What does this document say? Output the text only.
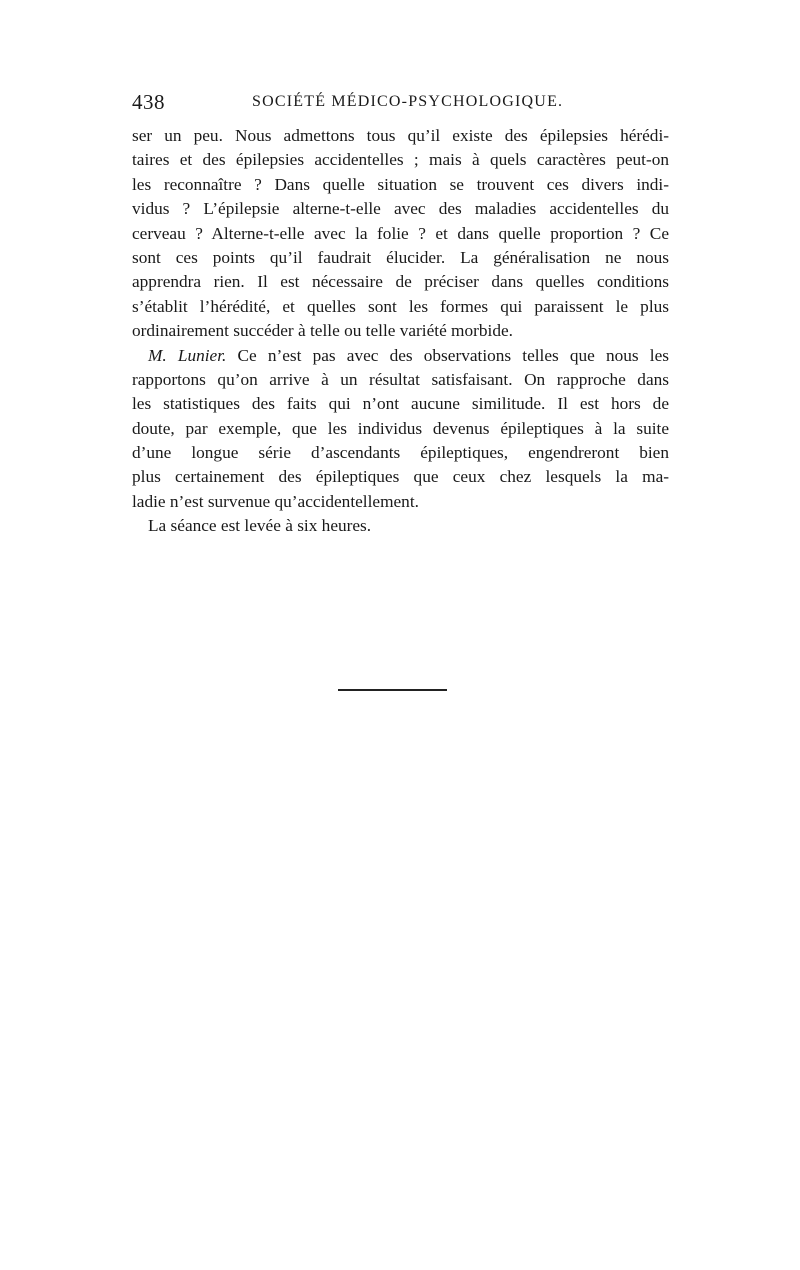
438	SOCIÉTÉ MÉDICO-PSYCHOLOGIQUE.
ser un peu. Nous admettons tous qu’il existe des épilepsies hérédi-
taires et des épilepsies accidentelles ; mais à quels caractères peut-on
les reconnaître ? Dans quelle situation se trouvent ces divers indi-
vidus ? L’épilepsie alterne-t-elle avec des maladies accidentelles du
cerveau ? Alterne-t-elle avec la folie ? et dans quelle proportion ? Ce
sont ces points qu’il faudrait élucider. La généralisation ne nous
apprendra rien. Il est nécessaire de préciser dans quelles conditions
s’établit l’hérédité, et quelles sont les formes qui paraissent le plus
ordinairement succéder à telle ou telle variété morbide.
M. Lunier. Ce n’est pas avec des observations telles que nous les
rapportons qu’on arrive à un résultat satisfaisant. On rapproche dans
les statistiques des faits qui n’ont aucune similitude. Il est hors de
doute, par exemple, que les individus devenus épileptiques à la suite
d’une longue série d’ascendants épileptiques, engendreront bien
plus certainement des épileptiques que ceux chez lesquels la ma-
ladie n’est survenue qu’accidentellement.
La séance est levée à six heures.
